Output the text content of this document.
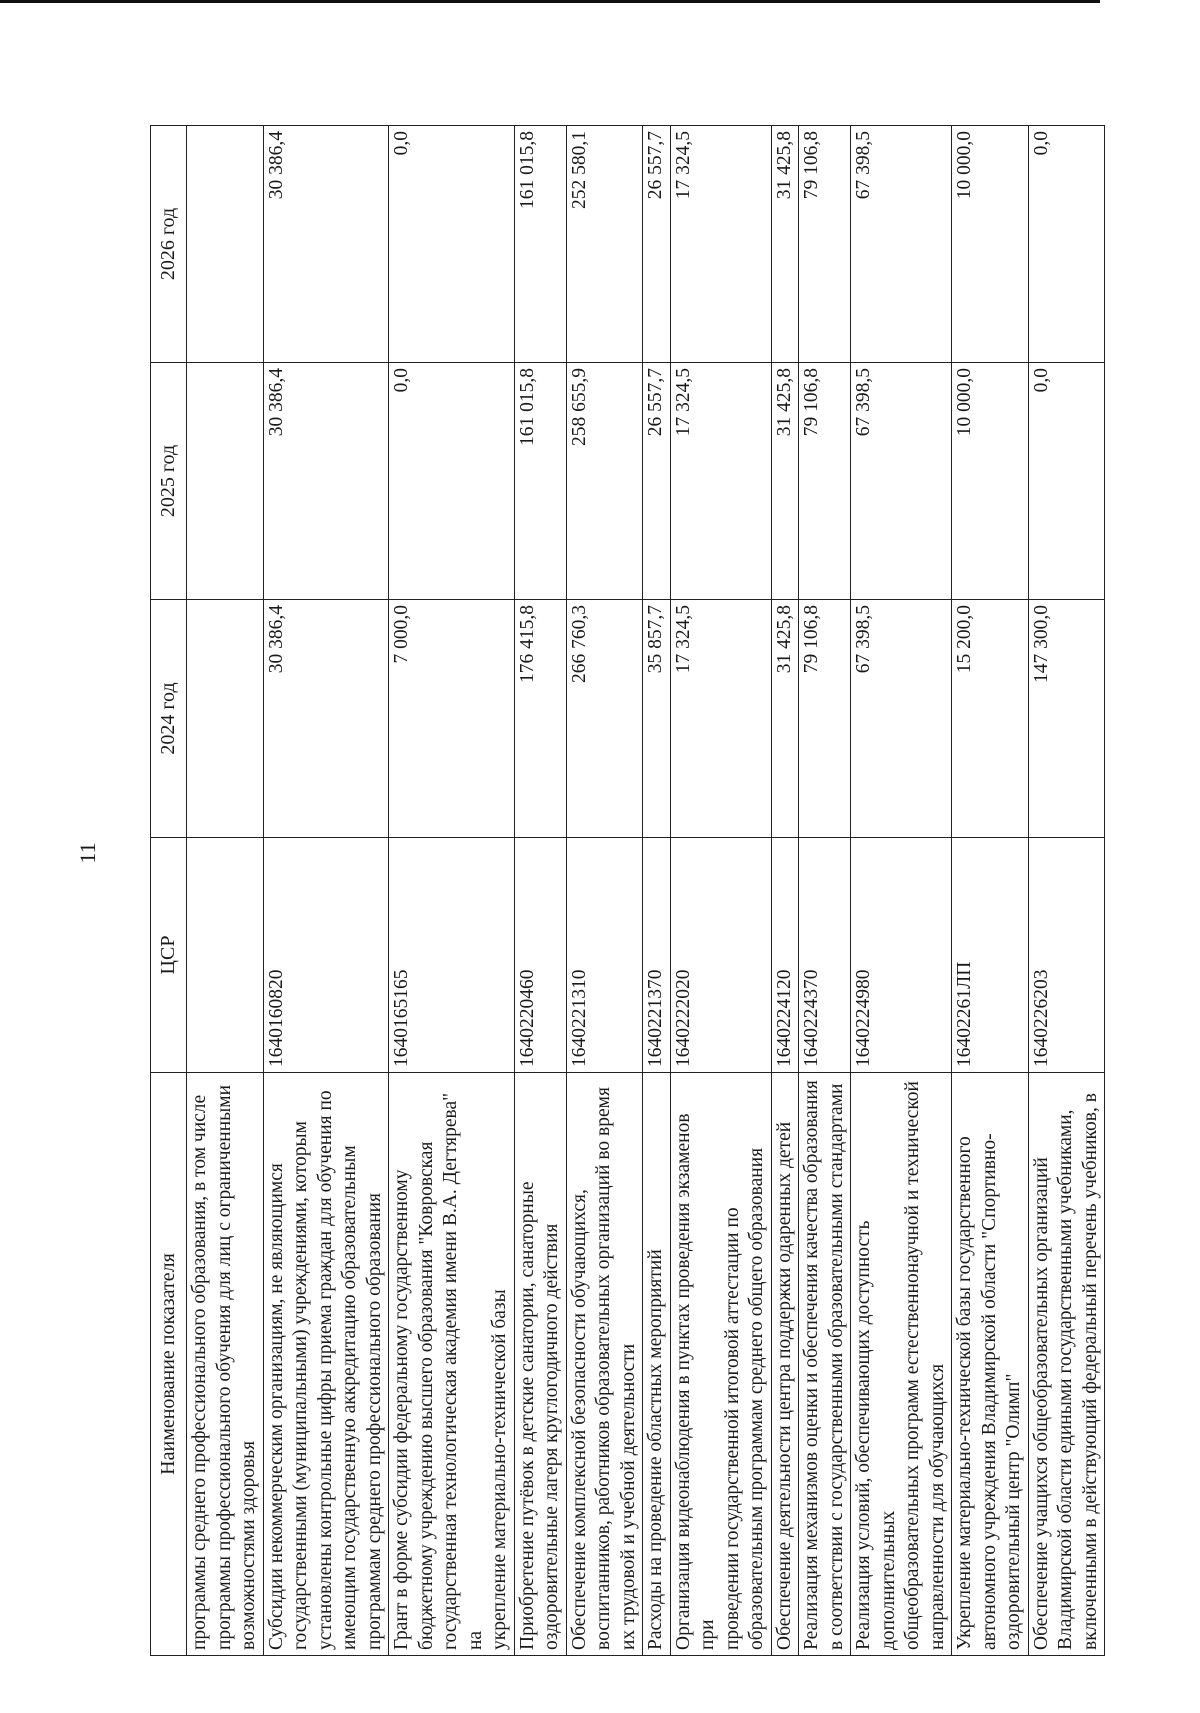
11
Наименование показателя	ЦСР	2024 год	2025 год	2026 год

программы среднего профессионального образования, в том числе программы профессионального обучения для лиц с ограниченными возможностями здоровья				

Субсидии некоммерческим организациям, не являющимся государственными (муниципальными) учреждениями, которым установлены контрольные цифры приема граждан для обучения по имеющим государственную аккредитацию образовательным программам среднего профессионального образования	1640160820	30 386,4	30 386,4	30 386,4

Грант в форме субсидии федеральному государственному бюджетному учреждению высшего образования "Ковровская государственная технологическая академия имени В.А. Дегтярева" на укрепление материально-технической базы	1640165165	7 000,0	0,0	0,0

Приобретение путёвок в детские санатории, санаторные оздоровительные лагеря круглогодичного действия	1640220460	176 415,8	161 015,8	161 015,8

Обеспечение комплексной безопасности обучающихся, воспитанников, работников образовательных организаций во время их трудовой и учебной деятельности	1640221310	266 760,3	258 655,9	252 580,1

Расходы на проведение областных мероприятий	1640221370	35 857,7	26 557,7	26 557,7

Организация видеонаблюдения в пунктах проведения экзаменов при проведении государственной итоговой аттестации по образовательным программам среднего общего образования	1640222020	17 324,5	17 324,5	17 324,5

Обеспечение деятельности центра поддержки одаренных детей	1640224120	31 425,8	31 425,8	31 425,8

Реализация механизмов оценки и обеспечения качества образования в соответствии с государственными образовательными стандартами	1640224370	79 106,8	79 106,8	79 106,8

Реализация условий, обеспечивающих доступность дополнительных общеобразовательных программ естественнонаучной и технической направленности для обучающихся	1640224980	67 398,5	67 398,5	67 398,5

Укрепление материально-технической базы государственного автономного учреждения Владимирской области "Спортивно- оздоровительный центр "Олимп"	16402261ЛП	15 200,0	10 000,0	10 000,0

Обеспечение учащихся общеобразовательных организаций Владимирской области едиными государственными учебниками, включенными в действующий федеральный перечень учебников, в	1640226203	147 300,0	0,0	0,0
